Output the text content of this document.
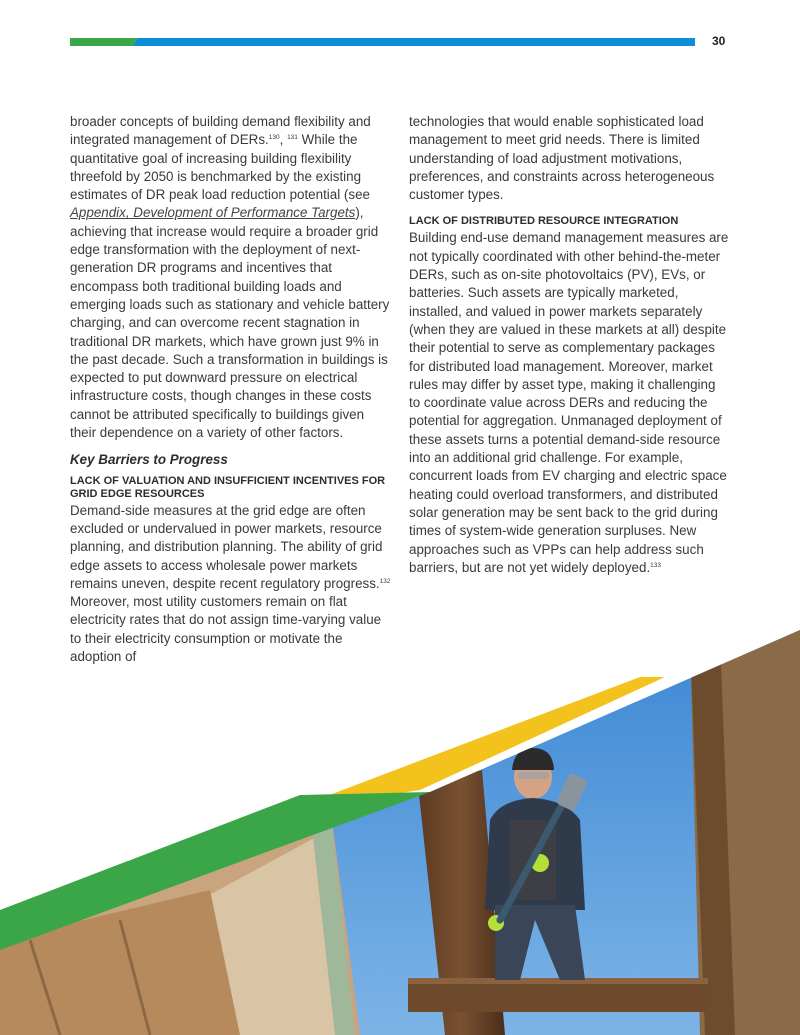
30

broader concepts of building demand flexibility and integrated management of DERs.$^{130}$, $^{131}$ While the quantitative goal of increasing building flexibility threefold by 2050 is benchmarked by the existing estimates of DR peak load reduction potential (see Appendix, Development of Performance Targets), achieving that increase would require a broader grid edge transformation with the deployment of next-generation DR programs and incentives that encompass both traditional building loads and emerging loads such as stationary and vehicle battery charging, and can overcome recent stagnation in traditional DR markets, which have grown just 9% in the past decade. Such a transformation in buildings is expected to put downward pressure on electrical infrastructure costs, though changes in these costs cannot be attributed specifically to buildings given their dependence on a variety of other factors.

Key Barriers to Progress
LACK OF VALUATION AND INSUFFICIENT INCENTIVES FOR GRID EDGE RESOURCES

Demand-side measures at the grid edge are often excluded or undervalued in power markets, resource planning, and distribution planning. The ability of grid edge assets to access wholesale power markets remains uneven, despite recent regulatory progress.$^{132}$ Moreover, most utility customers remain on flat electricity rates that do not assign time-varying value to their electricity consumption or motivate the adoption of

technologies that would enable sophisticated load management to meet grid needs. There is limited understanding of load adjustment motivations, preferences, and constraints across heterogeneous customer types.

LACK OF DISTRIBUTED RESOURCE INTEGRATION

Building end-use demand management measures are not typically coordinated with other behind-the-meter DERs, such as on-site photovoltaics (PV), EVs, or batteries. Such assets are typically marketed, installed, and valued in power markets separately (when they are valued in these markets at all) despite their potential to serve as complementary packages for distributed load management. Moreover, market rules may differ by asset type, making it challenging to coordinate value across DERs and reducing the potential for aggregation. Unmanaged deployment of these assets turns a potential demand-side resource into an additional grid challenge. For example, concurrent loads from EV charging and electric space heating could overload transformers, and distributed solar generation may be sent back to the grid during times of system-wide generation surpluses. New approaches such as VPPs can help address such barriers, but are not yet widely deployed.$^{133}$
